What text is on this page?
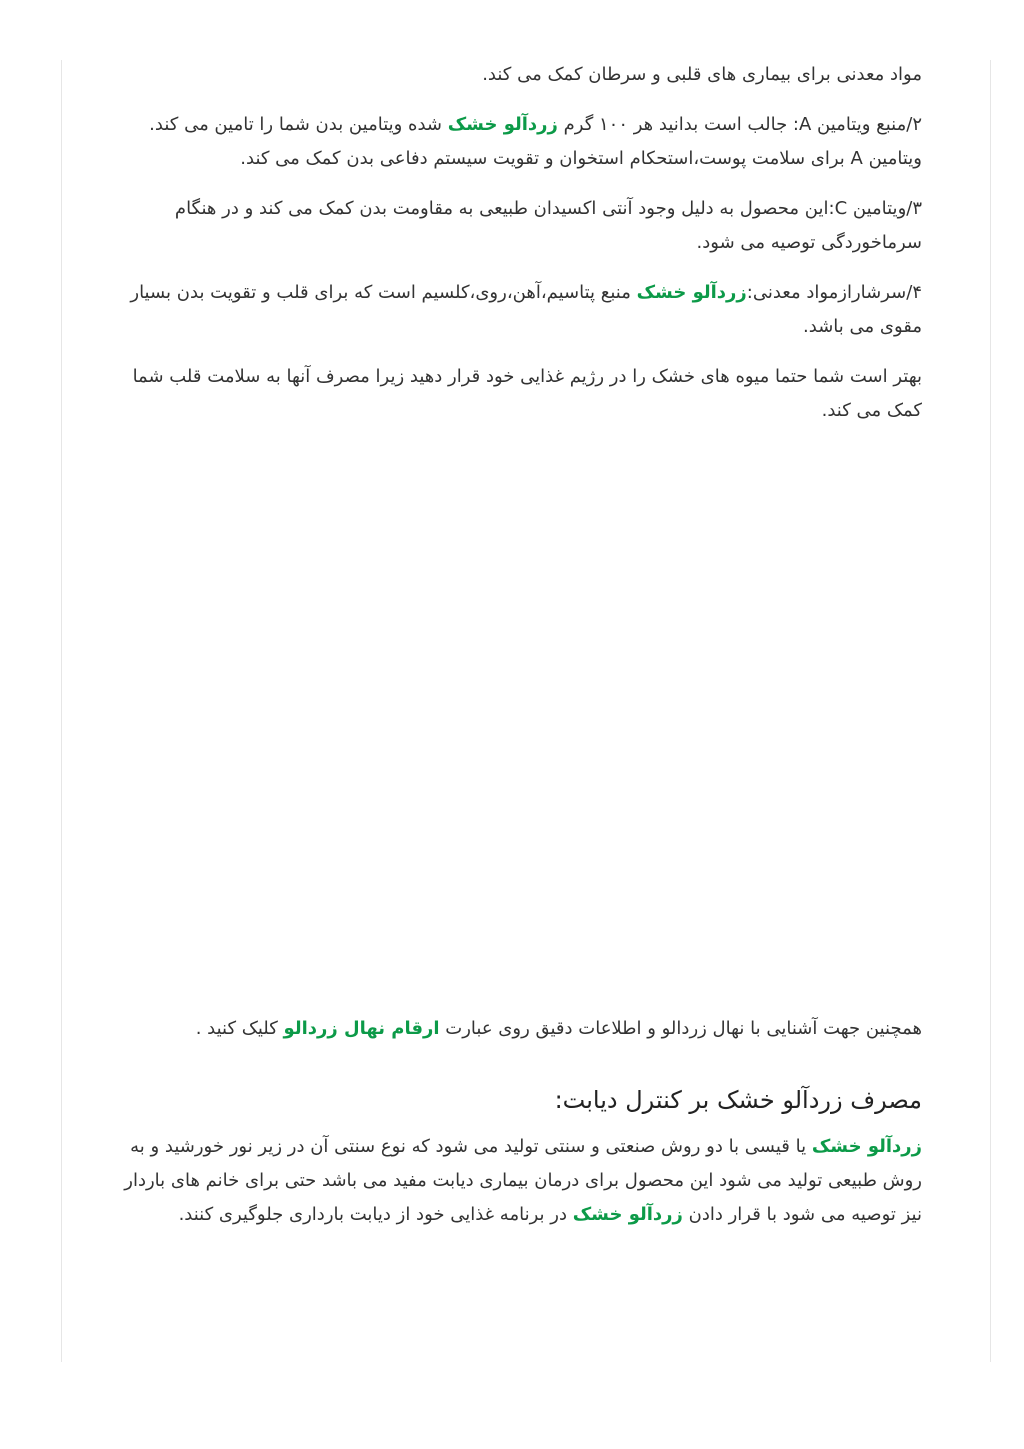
مواد معدنی برای بیماری های قلبی و سرطان کمک می کند.

۲/منبع ویتامین A: جالب است بدانید هر ۱۰۰ گرم زردآلو خشک شده ویتامین بدن شما را تامین می کند. ویتامین A برای سلامت پوست،استحکام استخوان و تقویت سیستم دفاعی بدن کمک می کند.

۳/ویتامین C:این محصول به دلیل وجود آنتی اکسیدان طبیعی به مقاومت بدن کمک می کند و در هنگام سرماخوردگی توصیه می شود.

۴/سرشارازمواد معدنی:زردآلو خشک منبع پتاسیم،آهن،روی،کلسیم است که برای قلب و تقویت بدن بسیار مقوی می باشد.

بهتر است شما حتما میوه های خشک را در رژیم غذایی خود قرار دهید زیرا مصرف آنها به سلامت قلب شما کمک می کند.

همچنین جهت آشنایی با نهال زردالو و اطلاعات دقیق روی عبارت ارقام نهال زردالو کلیک کنید .

مصرف زردآلو خشک بر کنترل دیابت:

زردآلو خشک یا قیسی با دو روش صنعتی و سنتی تولید می شود که نوع سنتی آن در زیر نور خورشید و به روش طبیعی تولید می شود این محصول برای درمان بیماری دیابت مفید می باشد حتی برای خانم های باردار نیز توصیه می شود با قرار دادن زردآلو خشک در برنامه غذایی خود از دیابت بارداری جلوگیری کنند.
